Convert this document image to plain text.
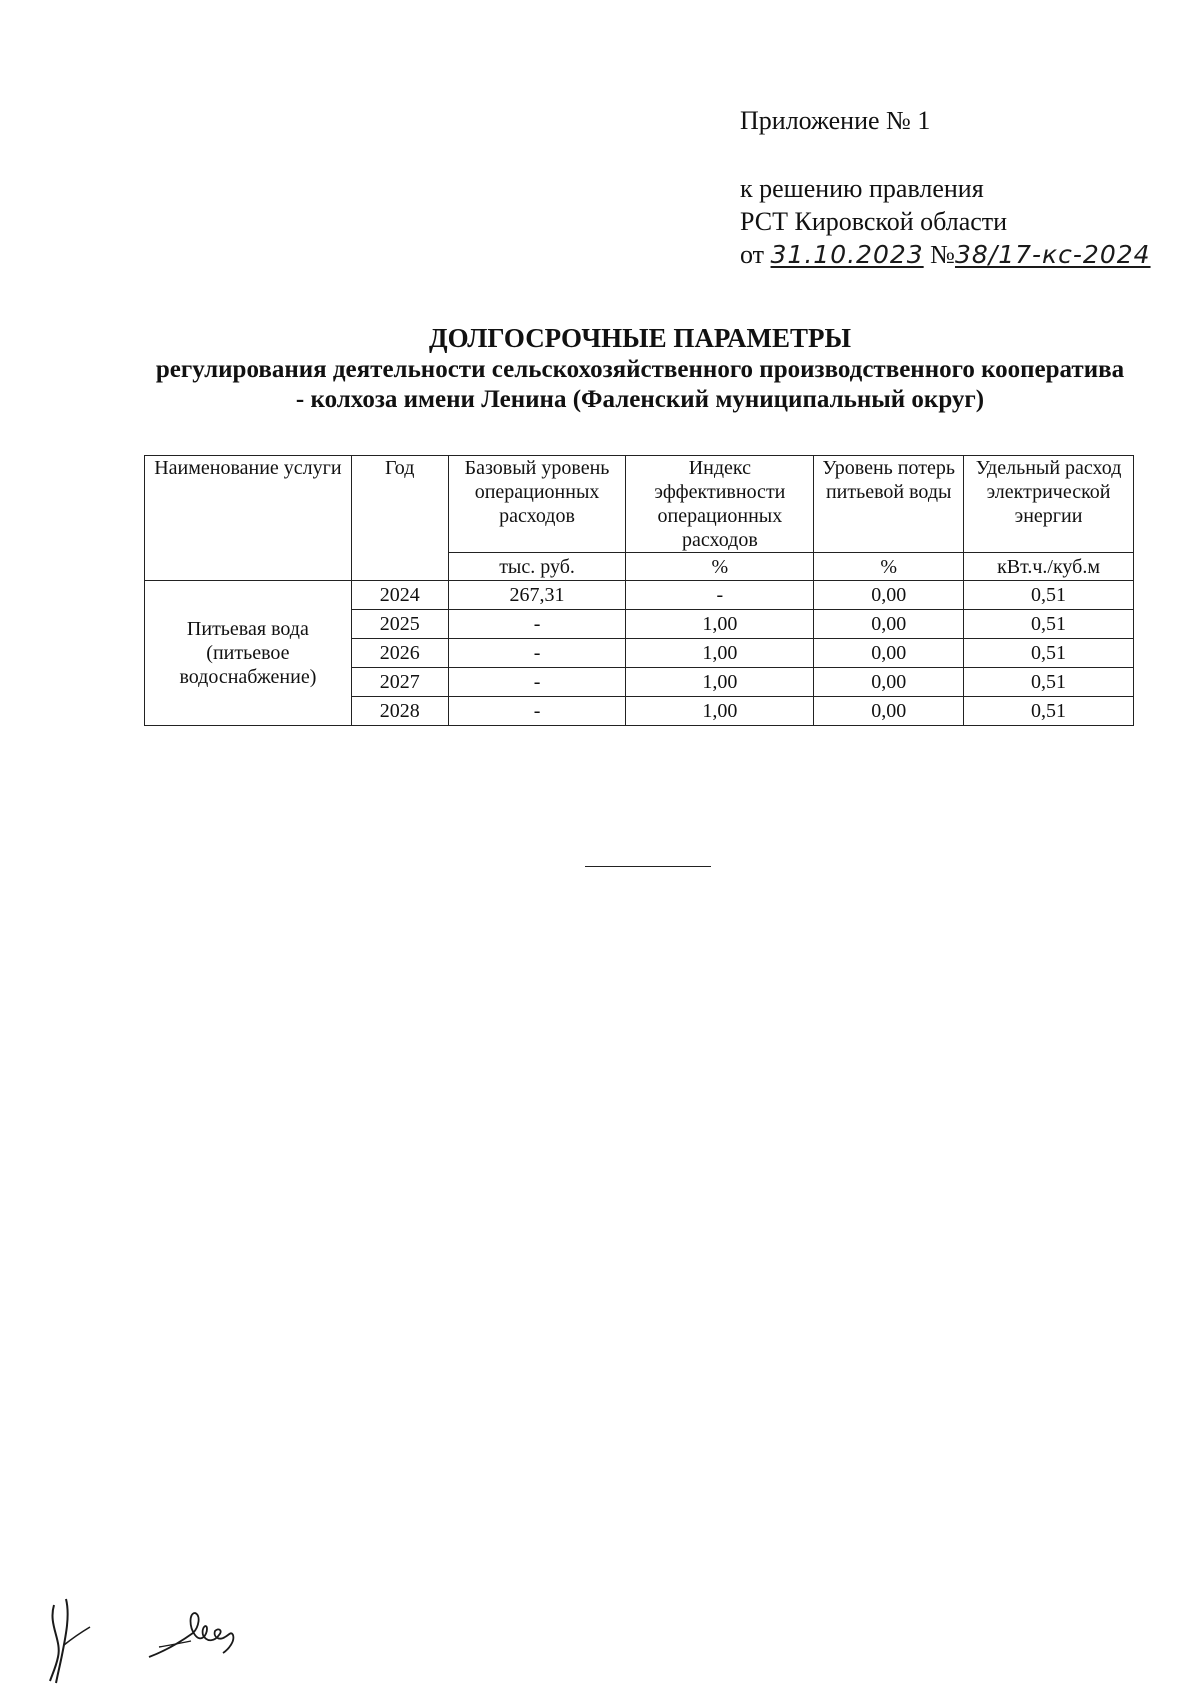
Приложение № 1
к решению правления
РСТ Кировской области
от 31.10.2023 №38/17-кс-2024
ДОЛГОСРОЧНЫЕ ПАРАМЕТРЫ
регулирования деятельности сельскохозяйственного производственного кооператива - колхоза имени Ленина (Фаленский муниципальный округ)
Наименование услуги	Год	Базовый уровень операционных расходов	Индекс эффективности операционных расходов	Уровень потерь питьевой воды	Удельный расход электрической энергии
		тыс. руб.	%	%	кВт.ч./куб.м
Питьевая вода (питьевое водоснабжение)	2024	267,31	-	0,00	0,51
	2025	-	1,00	0,00	0,51
	2026	-	1,00	0,00	0,51
	2027	-	1,00	0,00	0,51
	2028	-	1,00	0,00	0,51
